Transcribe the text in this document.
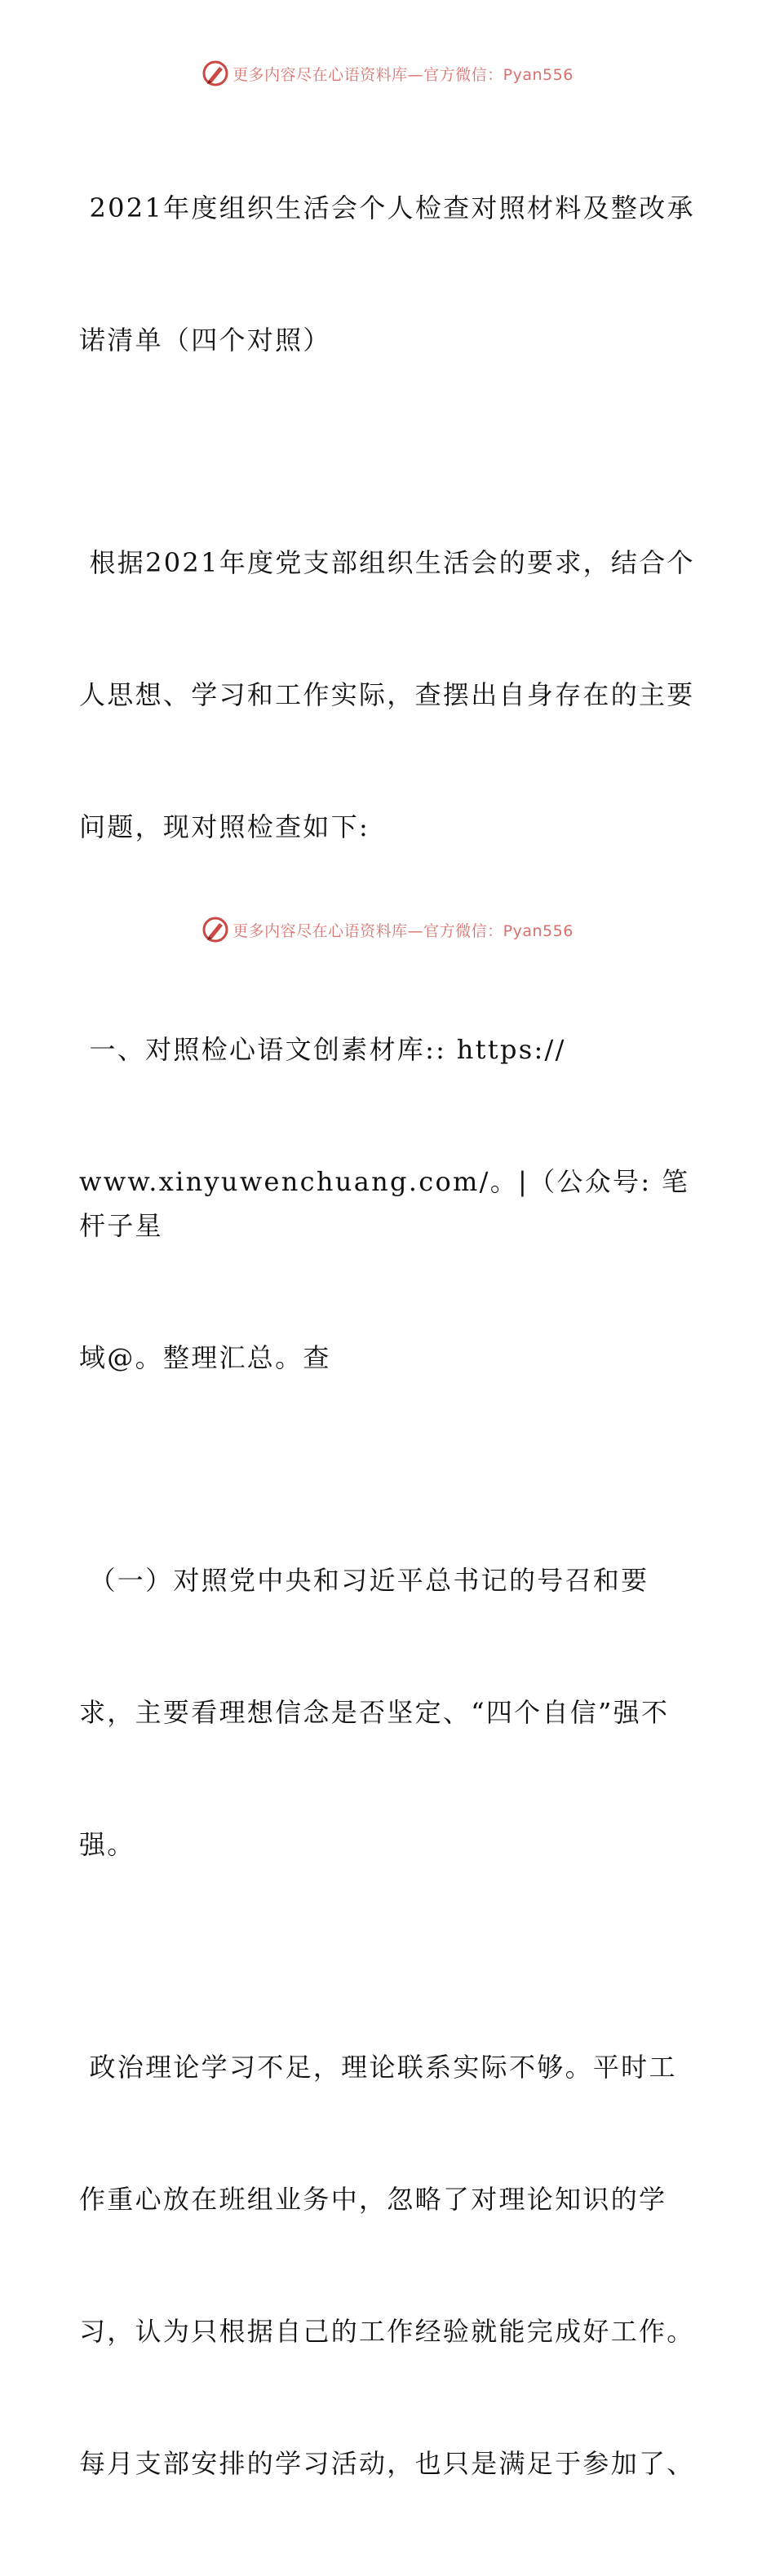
更多内容尽在心语资料库—官方微信：Pyan556

2021年度组织生活会个人检查对照材料及整改承

诺清单（四个对照）

根据2021年度党支部组织生活会的要求，结合个

人思想、学习和工作实际，查摆出自身存在的主要

问题，现对照检查如下:

一、对照检心语文创素材库:: https://

www.xinyuwenchuang.com/。|（公众号: 笔杆子星

域@。整理汇总。查

（一）对照党中央和习近平总书记的号召和要

求，主要看理想信念是否坚定、“四个自信”强不

强。

政治理论学习不足，理论联系实际不够。平时工

作重心放在班组业务中，忽略了对理论知识的学

习，认为只根据自己的工作经验就能完成好工作。

每月支部安排的学习活动，也只是满足于参加了、

更多内容尽在心语资料库—官方微信：Pyan556
